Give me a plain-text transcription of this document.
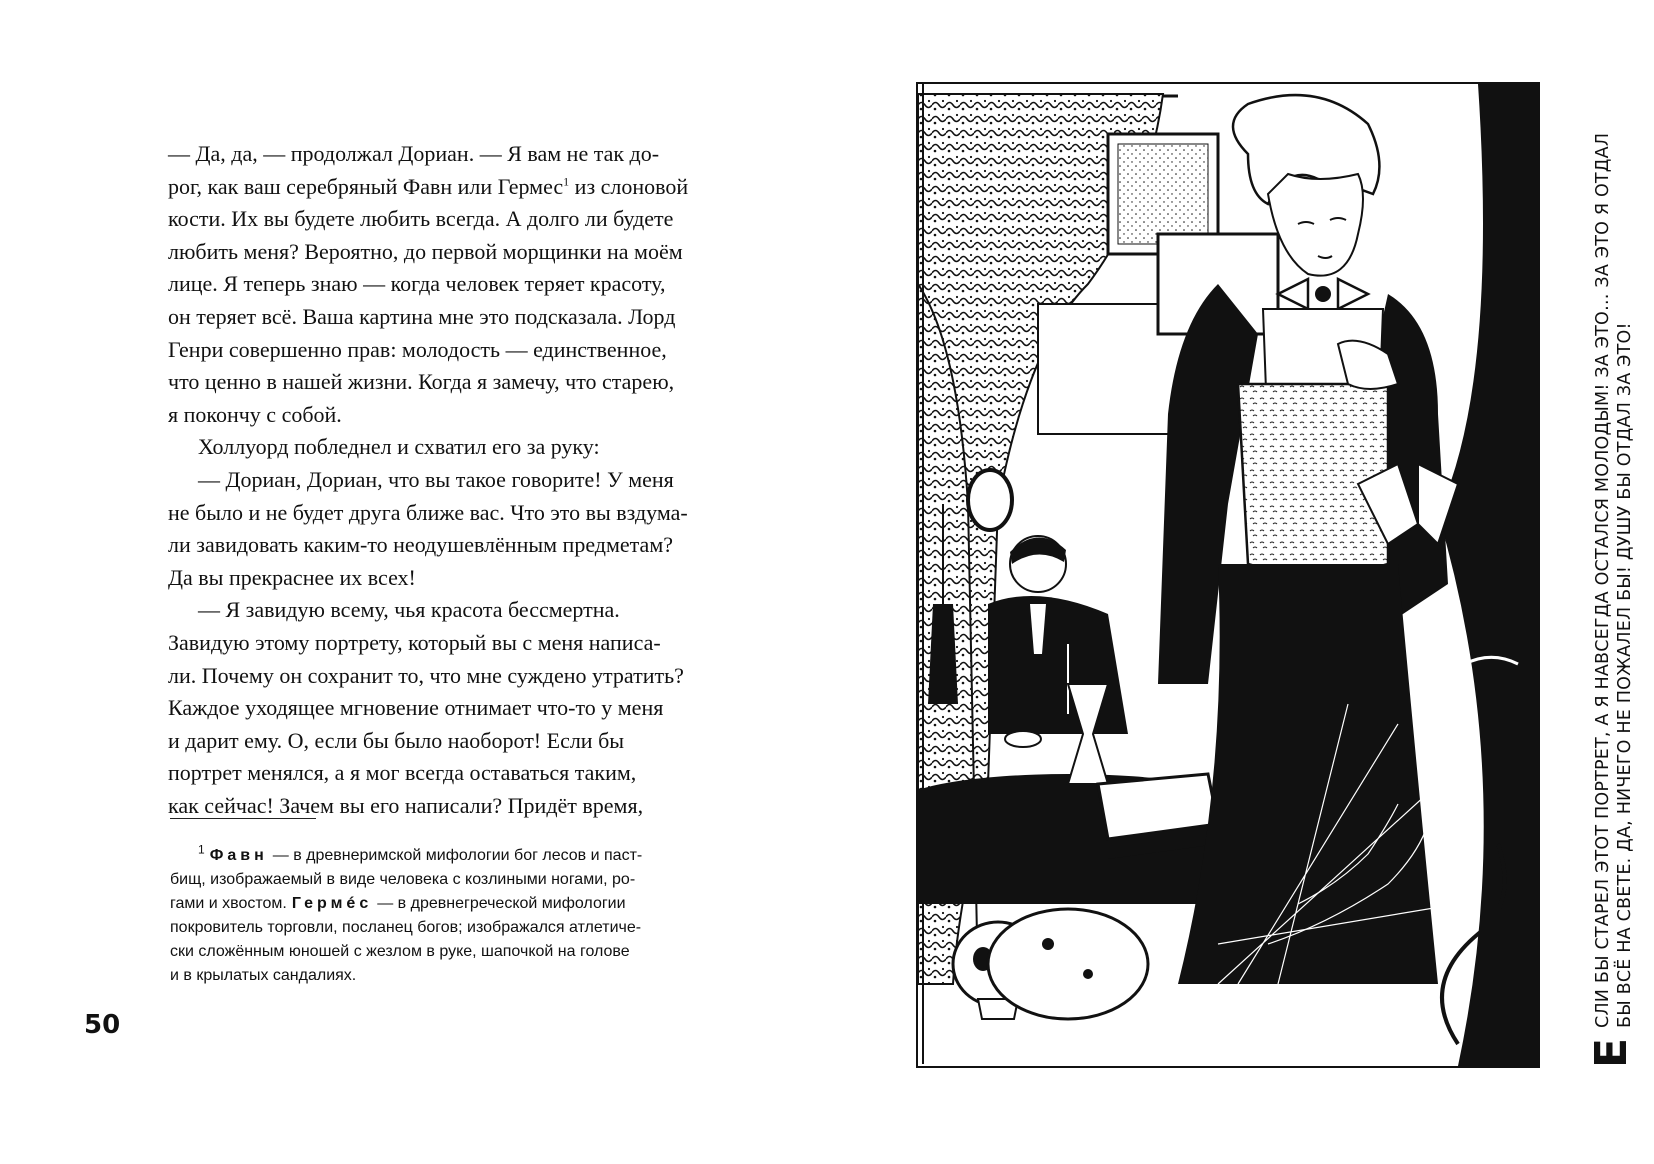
— Да, да, — продолжал Дориан. — Я вам не так до-
рог, как ваш серебряный Фавн или Гермес$^1$ из слоновой
кости. Их вы будете любить всегда. А долго ли будете
любить меня? Вероятно, до первой морщинки на моём
лице. Я теперь знаю — когда человек теряет красоту,
он теряет всё. Ваша картина мне это подсказала. Лорд
Генри совершенно прав: молодость — единственное,
что ценно в нашей жизни. Когда я замечу, что старею,
я покончу с собой.
Холлуорд побледнел и схватил его за руку:
— Дориан, Дориан, что вы такое говорите! У меня
не было и не будет друга ближе вас. Что это вы вздума-
ли завидовать каким-то неодушевлённым предметам?
Да вы прекраснее их всех!
— Я завидую всему, чья красота бессмертна.
Завидую этому портрету, который вы с меня написа-
ли. Почему он сохранит то, что мне суждено утратить?
Каждое уходящее мгновение отнимает что-то у меня
и дарит ему. О, если бы было наоборот! Если бы
портрет менялся, а я мог всегда оставаться таким,
как сейчас! Зачем вы его написали? Придёт время,
$^1$ Фавн — в древнеримской мифологии бог лесов и паст-
бищ, изображаемый в виде человека с козлиными ногами, ро-
гами и хвостом. Гермéс — в древнегреческой мифологии
покровитель торговли, посланец богов; изображался атлетиче-
ски сложённым юношей с жезлом в руке, шапочкой на голове
и в крылатых сандалиях.
50
Е
СЛИ БЫ СТАРЕЛ ЭТОТ ПОРТРЕТ, А Я НАВСЕГДА ОСТАЛСЯ МОЛОДЫМ! ЗА ЭТО… ЗА ЭТО Я ОТДАЛ БЫ ВСЁ НА СВЕТЕ. ДА, НИЧЕГО НЕ ПОЖАЛЕЛ БЫ! ДУШУ БЫ ОТДАЛ ЗА ЭТО!
